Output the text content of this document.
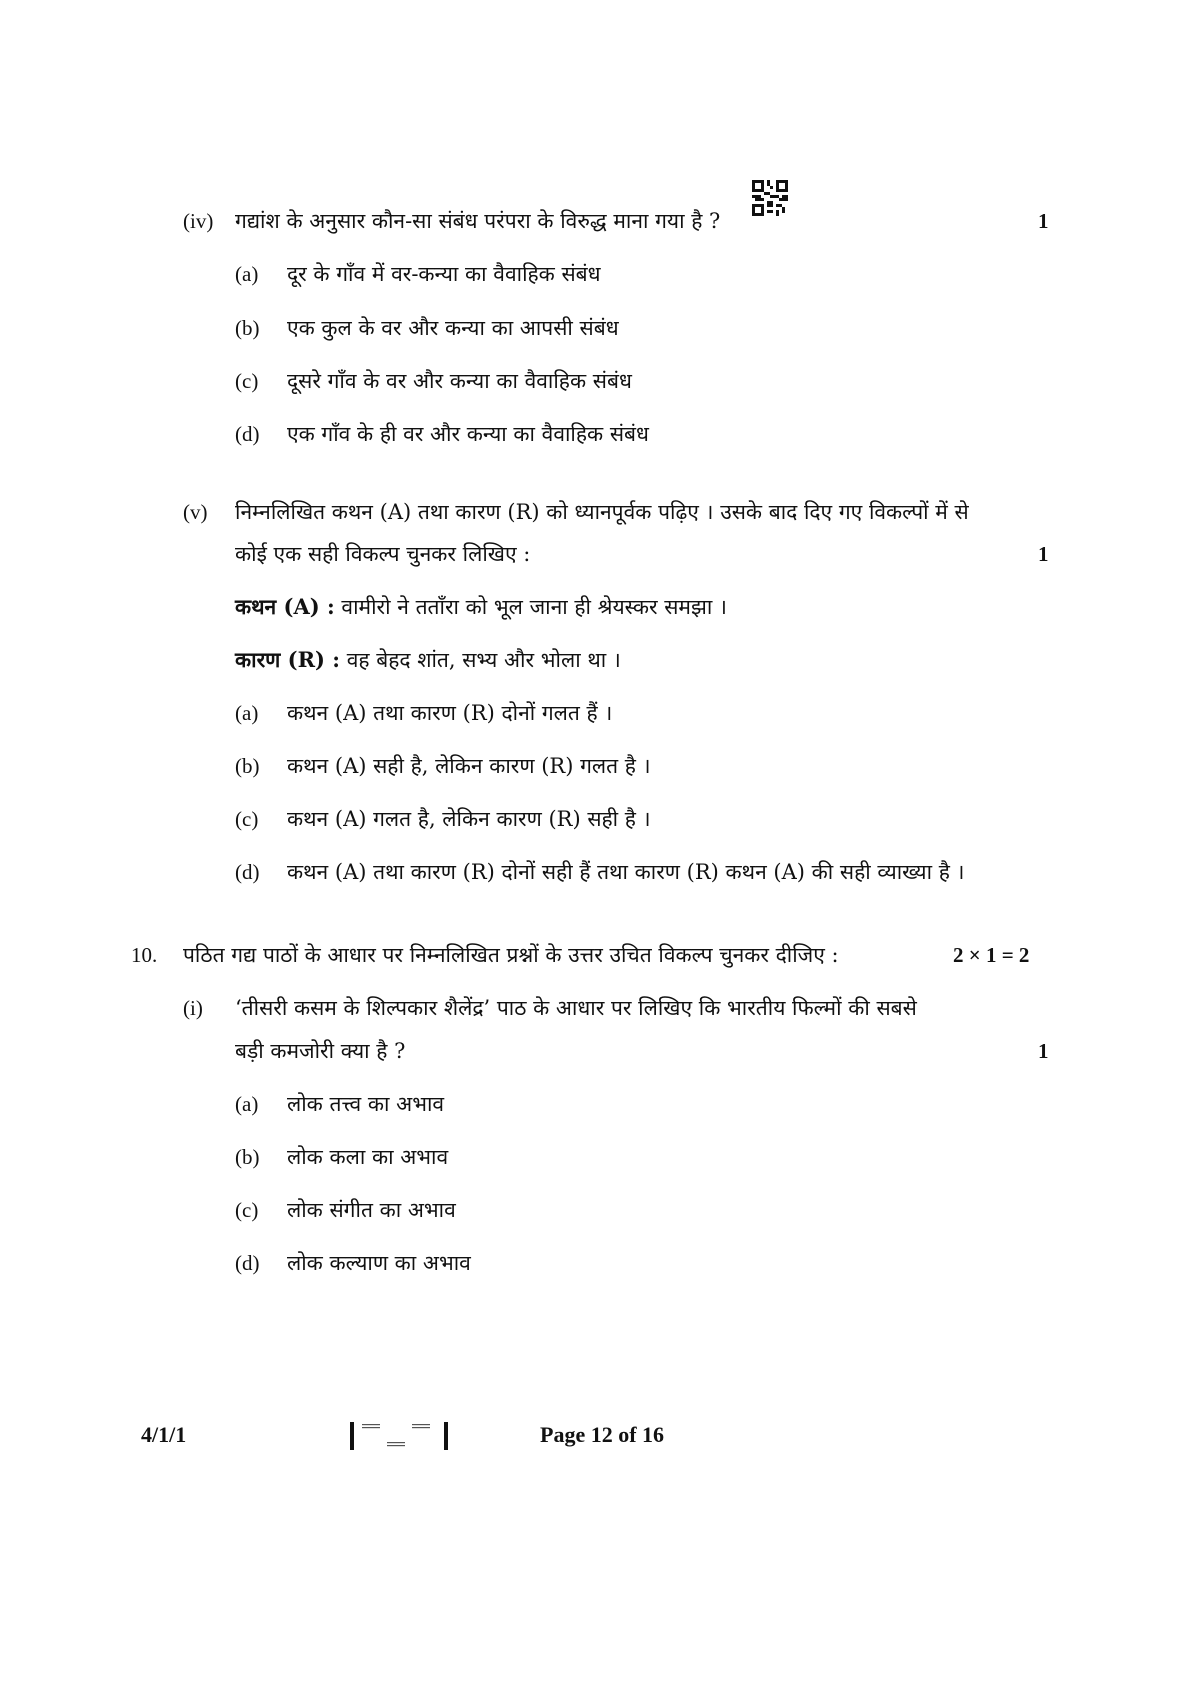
(iv) गद्यांश के अनुसार कौन-सा संबंध परंपरा के विरुद्ध माना गया है ?	1
(a) दूर के गाँव में वर-कन्या का वैवाहिक संबंध
(b) एक कुल के वर और कन्या का आपसी संबंध
(c) दूसरे गाँव के वर और कन्या का वैवाहिक संबंध
(d) एक गाँव के ही वर और कन्या का वैवाहिक संबंध
(v) निम्नलिखित कथन (A) तथा कारण (R) को ध्यानपूर्वक पढ़िए । उसके बाद दिए गए विकल्पों में से
कोई एक सही विकल्प चुनकर लिखिए :	1
कथन (A) : वामीरो ने तताँरा को भूल जाना ही श्रेयस्कर समझा ।
कारण (R) : वह बेहद शांत, सभ्य और भोला था ।
(a) कथन (A) तथा कारण (R) दोनों गलत हैं ।
(b) कथन (A) सही है, लेकिन कारण (R) गलत है ।
(c) कथन (A) गलत है, लेकिन कारण (R) सही है ।
(d) कथन (A) तथा कारण (R) दोनों सही हैं तथा कारण (R) कथन (A) की सही व्याख्या है ।
10. पठित गद्य पाठों के आधार पर निम्नलिखित प्रश्नों के उत्तर उचित विकल्प चुनकर दीजिए :	2 × 1 = 2
(i) ‘तीसरी कसम के शिल्पकार शैलेंद्र’ पाठ के आधार पर लिखिए कि भारतीय फिल्मों की सबसे
बड़ी कमजोरी क्या है ?	1
(a) लोक तत्त्व का अभाव
(b) लोक कला का अभाव
(c) लोक संगीत का अभाव
(d) लोक कल्याण का अभाव
4/1/1	Page 12 of 16
